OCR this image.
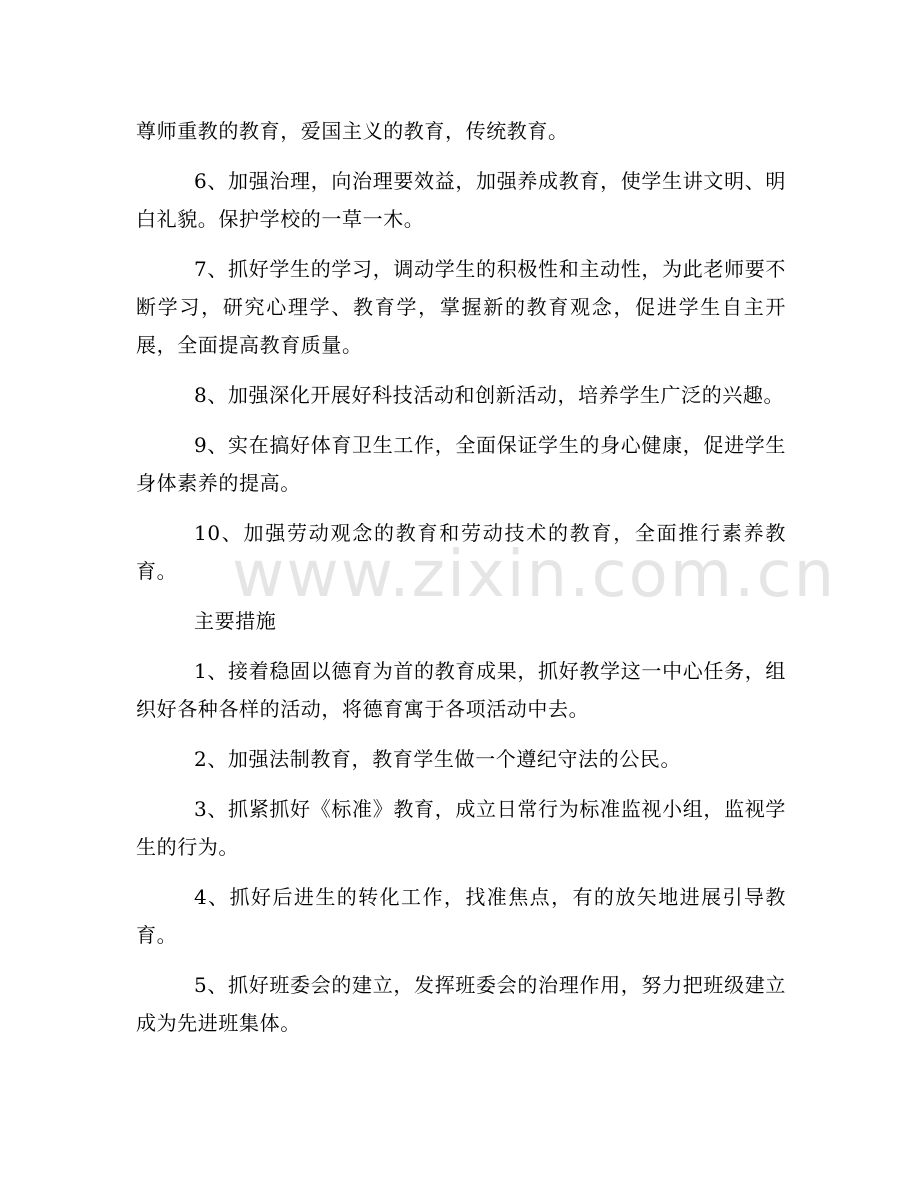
尊师重教的教育，爱国主义的教育，传统教育。

6、加强治理，向治理要效益，加强养成教育，使学生讲文明、明白礼貌。保护学校的一草一木。

7、抓好学生的学习，调动学生的积极性和主动性，为此老师要不断学习，研究心理学、教育学，掌握新的教育观念，促进学生自主开展，全面提高教育质量。

8、加强深化开展好科技活动和创新活动，培养学生广泛的兴趣。

9、实在搞好体育卫生工作，全面保证学生的身心健康，促进学生身体素养的提高。

10、加强劳动观念的教育和劳动技术的教育，全面推行素养教育。

主要措施

1、接着稳固以德育为首的教育成果，抓好教学这一中心任务，组织好各种各样的活动，将德育寓于各项活动中去。

2、加强法制教育，教育学生做一个遵纪守法的公民。

3、抓紧抓好《标准》教育，成立日常行为标准监视小组，监视学生的行为。

4、抓好后进生的转化工作，找准焦点，有的放矢地进展引导教育。

5、抓好班委会的建立，发挥班委会的治理作用，努力把班级建立成为先进班集体。

www.zixin.com.cn
